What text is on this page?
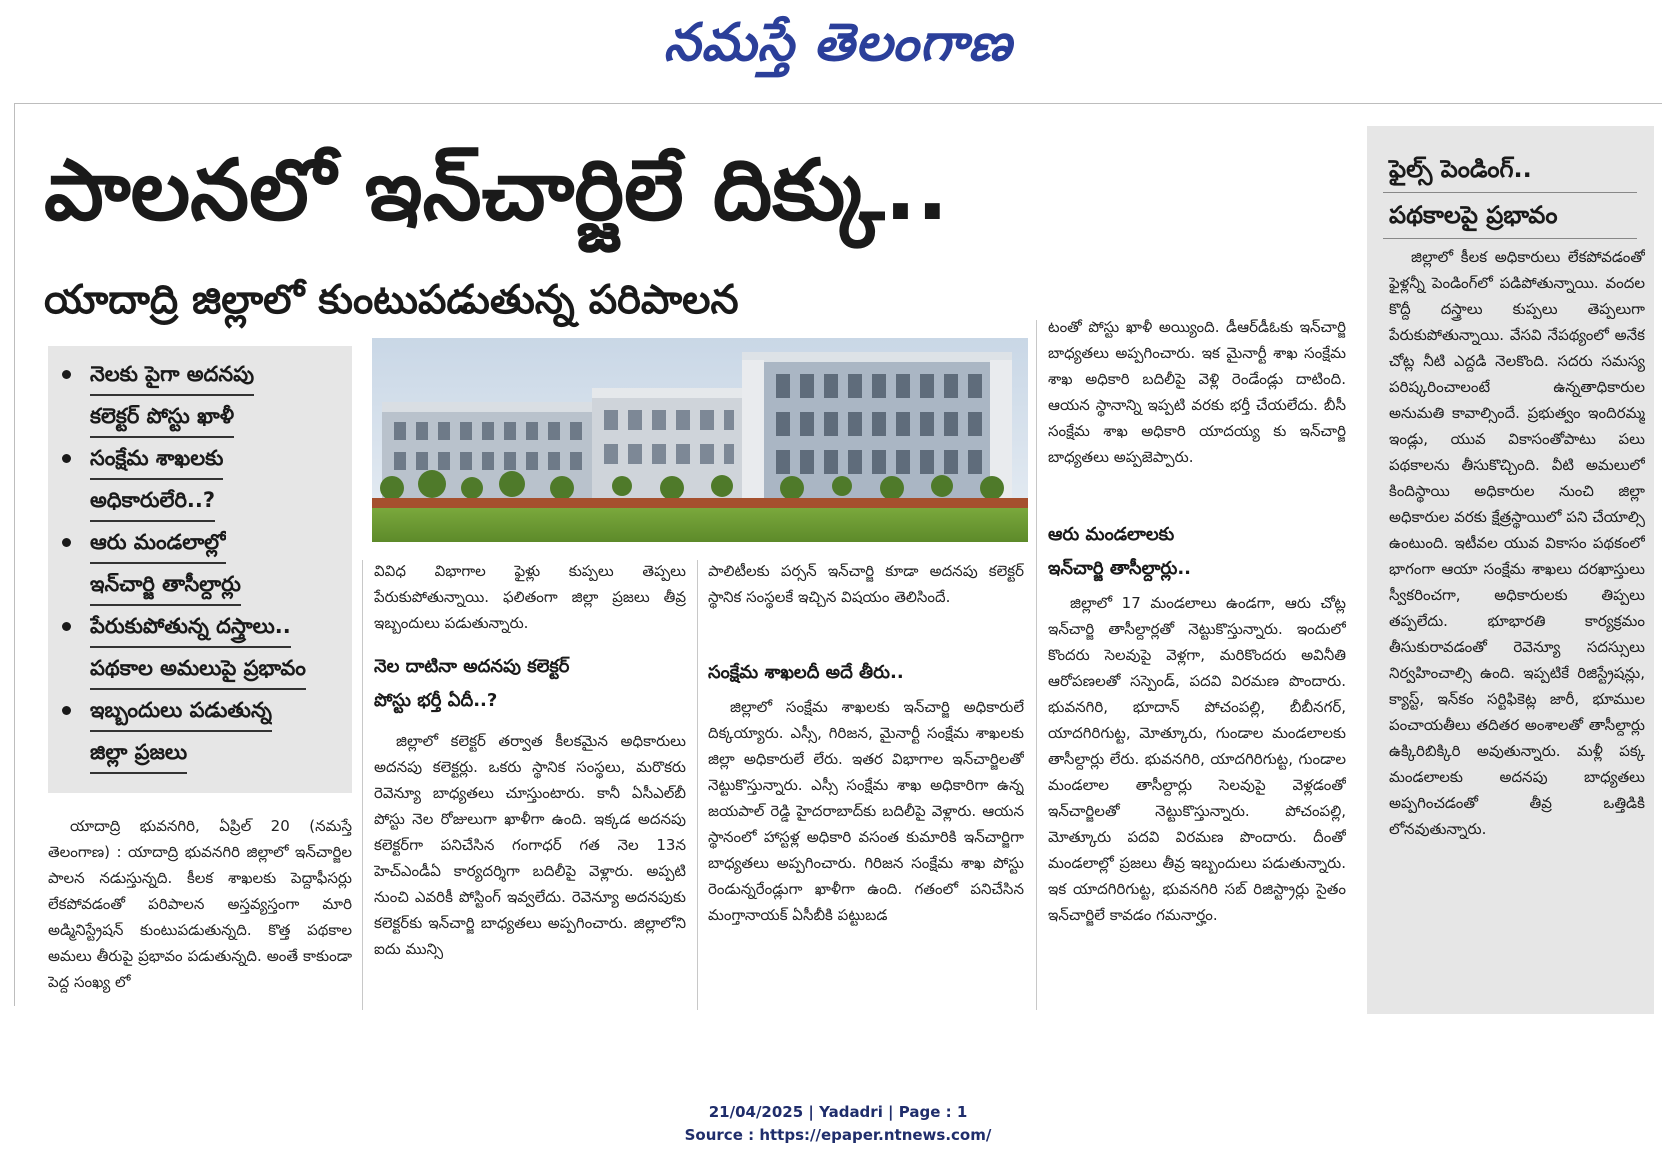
నమస్తే తెలంగాణ
పాలనలో ఇన్‌చార్జిలే దిక్కు..
యాదాద్రి జిల్లాలో కుంటుపడుతున్న పరిపాలన
నెలకు పైగా అదనపు
కలెక్టర్ పోస్టు ఖాళీ
సంక్షేమ శాఖలకు
అధికారులేరి..?
ఆరు మండలాల్లో
ఇన్‌చార్జి తాసీల్దార్లు
పేరుకుపోతున్న దస్త్రాలు..
పథకాల అమలుపై ప్రభావం
ఇబ్బందులు పడుతున్న
జిల్లా ప్రజలు

యాదాద్రి భువనగిరి, ఏప్రిల్ 20 (నమస్తే తెలంగాణ) : యాదాద్రి భువనగిరి జిల్లాలో ఇన్‌చార్జిల పాలన నడుస్తున్నది. కీలక శాఖలకు పెద్దాఫీసర్లు లేకపోవడంతో పరిపాలన అస్తవ్యస్తంగా మారి అడ్మినిస్ట్రేషన్ కుంటుపడుతున్నది. కొత్త పథకాల అమలు తీరుపై ప్రభావం పడుతున్నది. అంతే కాకుండా పెద్ద సంఖ్య లో

వివిధ విభాగాల ఫైళ్లు కుప్పలు తెప్పలు పేరుకుపోతున్నాయి. ఫలితంగా జిల్లా ప్రజలు తీవ్ర ఇబ్బందులు పడుతున్నారు.

నెల దాటినా అదనపు కలెక్టర్
పోస్టు భర్తీ ఏదీ..?

జిల్లాలో కలెక్టర్ తర్వాత కీలకమైన అధికారులు అదనపు కలెక్టర్లు. ఒకరు స్థానిక సంస్థలు, మరొకరు రెవెన్యూ బాధ్యతలు చూస్తుంటారు. కానీ ఏసీఎల్‌బీ పోస్టు నెల రోజులుగా ఖాళీగా ఉంది. ఇక్కడ అదనపు కలెక్టర్‌గా పనిచేసిన గంగాధర్ గత నెల 13న హెచ్‌ఎండీఏ కార్యదర్శిగా బదిలీపై వెళ్లారు. అప్పటి నుంచి ఎవరికీ పోస్టింగ్ ఇవ్వలేదు. రెవెన్యూ అదనపుకు కలెక్టర్‌కు ఇన్‌చార్జి బాధ్యతలు అప్పగించారు. జిల్లాలోని ఐదు మున్సి

పాలిటీలకు పర్సన్ ఇన్‌చార్జి కూడా అదనపు కలెక్టర్ స్థానిక సంస్థలకే ఇచ్చిన విషయం తెలిసిందే.

సంక్షేమ శాఖలదీ అదే తీరు..

జిల్లాలో సంక్షేమ శాఖలకు ఇన్‌చార్జి అధికారులే దిక్కయ్యారు. ఎస్సీ, గిరిజన, మైనార్టీ సంక్షేమ శాఖలకు జిల్లా అధికారులే లేరు. ఇతర విభాగాల ఇన్‌చార్జిలతో నెట్టుకొస్తున్నారు. ఎస్సీ సంక్షేమ శాఖ అధికారిగా ఉన్న జయపాల్ రెడ్డి హైదరాబాద్‌కు బదిలీపై వెళ్లారు. ఆయన స్థానంలో హాస్టళ్ల అధికారి వసంత కుమారికి ఇన్‌చార్జిగా బాధ్యతలు అప్పగించారు. గిరిజన సంక్షేమ శాఖ పోస్టు రెండున్నరేండ్లుగా ఖాళీగా ఉంది. గతంలో పనిచేసిన మంగ్తానాయక్ ఏసీబీకి పట్టుబడ

టంతో పోస్టు ఖాళీ అయ్యింది. డీఆర్‌డీఓకు ఇన్‌చార్జి బాధ్యతలు అప్పగించారు. ఇక మైనార్టీ శాఖ సంక్షేమ శాఖ అధికారి బదిలీపై వెళ్లి రెండేండ్లు దాటింది. ఆయన స్థానాన్ని ఇప్పటి వరకు భర్తీ చేయలేదు. బీసీ సంక్షేమ శాఖ అధికారి యాదయ్య కు ఇన్‌చార్జి బాధ్యతలు అప్పజెప్పారు.

ఆరు మండలాలకు
ఇన్‌చార్జి తాసీల్దార్లు..

జిల్లాలో 17 మండలాలు ఉండగా, ఆరు చోట్ల ఇన్‌చార్జి తాసీల్దార్లతో నెట్టుకొస్తున్నారు. ఇందులో కొందరు సెలవుపై వెళ్లగా, మరికొందరు అవినీతి ఆరోపణలతో సస్పెండ్, పదవి విరమణ పొందారు. భువనగిరి, భూదాన్ పోచంపల్లి, బీబీనగర్, యాదగిరిగుట్ట, మోత్కూరు, గుండాల మండలాలకు తాసీల్దార్లు లేరు. భువనగిరి, యాదగిరిగుట్ట, గుండాల మండలాల తాసీల్దార్లు సెలవుపై వెళ్లడంతో ఇన్‌చార్జిలతో నెట్టుకొస్తున్నారు. పోచంపల్లి, మోత్కూరు పదవి విరమణ పొందారు. దీంతో మండలాల్లో ప్రజలు తీవ్ర ఇబ్బందులు పడుతున్నారు. ఇక యాదగిరిగుట్ట, భువనగిరి సబ్ రిజిస్ట్రార్లు సైతం ఇన్‌చార్జిలే కావడం గమనార్హం.

ఫైల్స్ పెండింగ్..
పథకాలపై ప్రభావం

జిల్లాలో కీలక అధికారులు లేకపోవడంతో ఫైళ్లన్నీ పెండింగ్‌లో పడిపోతున్నాయి. వందల కొద్దీ దస్త్రాలు కుప్పలు తెప్పలుగా పేరుకుపోతున్నాయి. వేసవి నేపథ్యంలో అనేక చోట్ల నీటి ఎద్దడి నెలకొంది. సదరు సమస్య పరిష్కరించాలంటే ఉన్నతాధికారుల అనుమతి కావాల్సిందే. ప్రభుత్వం ఇందిరమ్మ ఇండ్లు, యువ వికాసంతోపాటు పలు పథకాలను తీసుకొచ్చింది. వీటి అమలులో కిందిస్థాయి అధికారుల నుంచి జిల్లా అధికారుల వరకు క్షేత్రస్థాయిలో పని చేయాల్సి ఉంటుంది. ఇటీవల యువ వికాసం పథకంలో భాగంగా ఆయా సంక్షేమ శాఖలు దరఖాస్తులు స్వీకరించగా, అధికారులకు తిప్పలు తప్పలేదు. భూభారతి కార్యక్రమం తీసుకురావడంతో రెవెన్యూ సదస్సులు నిర్వహించాల్సి ఉంది. ఇప్పటికే రిజిస్ట్రేషన్లు, క్యాస్ట్, ఇన్‌కం సర్టిఫికెట్ల జారీ, భూముల పంచాయతీలు తదితర అంశాలతో తాసీల్దార్లు ఉక్కిరిబిక్కిరి అవుతున్నారు. మళ్లీ పక్క మండలాలకు అదనపు బాధ్యతలు అప్పగించడంతో తీవ్ర ఒత్తిడికి లోనవుతున్నారు.

21/04/2025 | Yadadri | Page : 1
Source : https://epaper.ntnews.com/
